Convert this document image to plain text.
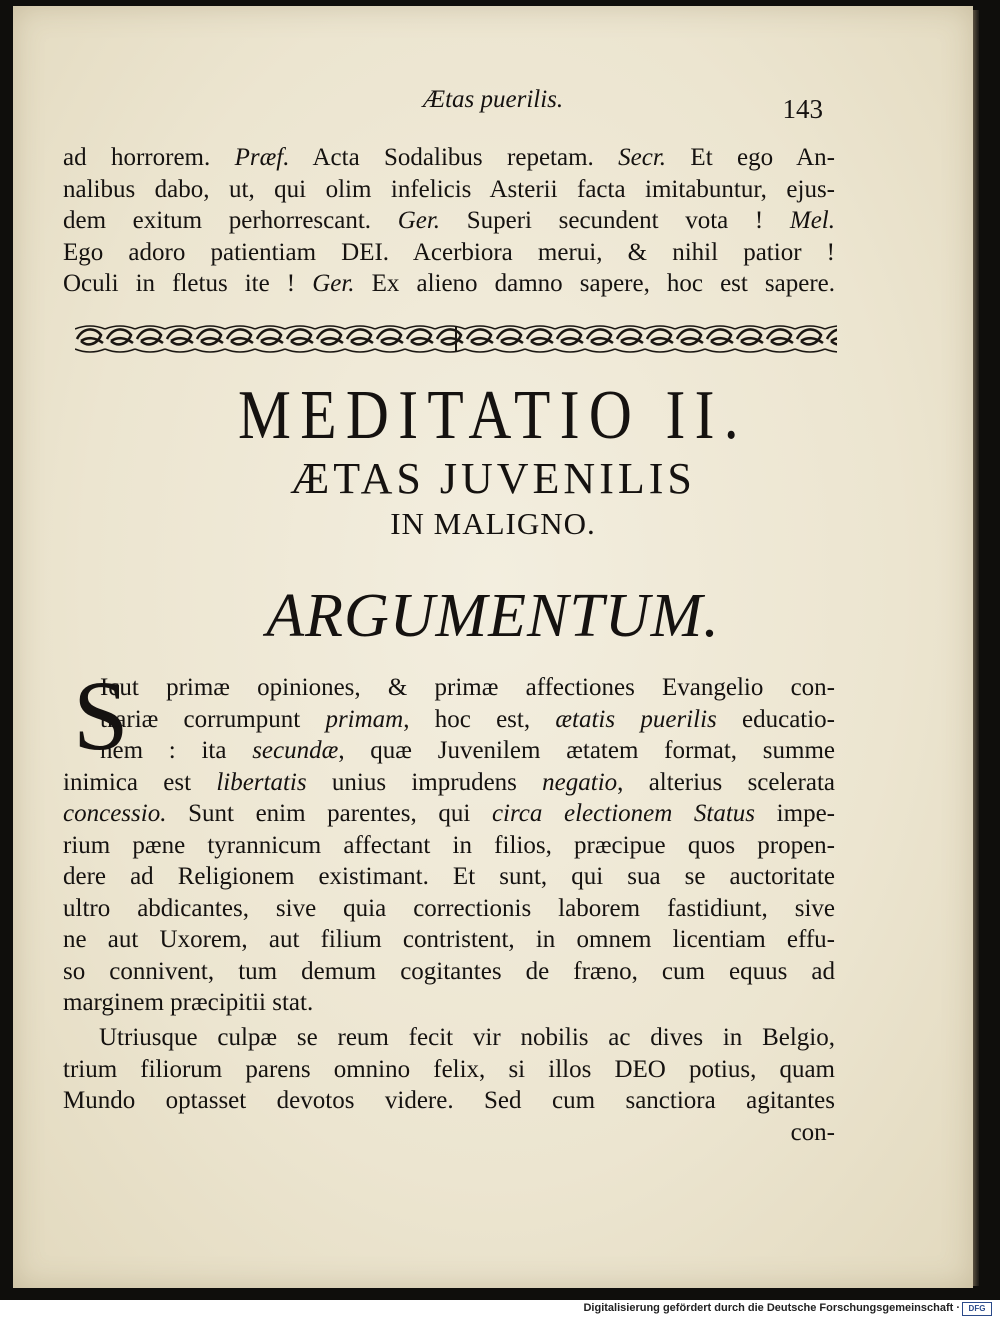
Ætas puerilis.	143
ad horrorem. Præf. Acta Sodalibus repetam. Secr. Et ego An-
nalibus dabo, ut, qui olim infelicis Asterii facta imitabuntur, ejus-
dem exitum perhorrescant. Ger. Superi secundent vota ! Mel.
Ego adoro patientiam DEI. Acerbiora merui, & nihil patior !
Oculi in fletus ite ! Ger. Ex alieno damno sapere, hoc est sapere.
MEDITATIO II.
ÆTAS JUVENILIS
IN MALIGNO.
ARGUMENTUM.
S
Icut primæ opiniones, & primæ affectiones Evangelio con-
trariæ corrumpunt primam, hoc est, ætatis puerilis educatio-
nem : ita secundæ, quæ Juvenilem ætatem format, summe
inimica est libertatis unius imprudens negatio, alterius scelerata
concessio. Sunt enim parentes, qui circa electionem Status impe-
rium pæne tyrannicum affectant in filios, præcipue quos propen-
dere ad Religionem existimant. Et sunt, qui sua se auctoritate
ultro abdicantes, sive quia correctionis laborem fastidiunt, sive
ne aut Uxorem, aut filium contristent, in omnem licentiam effu-
so connivent, tum demum cogitantes de fræno, cum equus ad
marginem præcipitii stat.
Utriusque culpæ se reum fecit vir nobilis ac dives in Belgio,
trium filiorum parens omnino felix, si illos DEO potius, quam
Mundo optasset devotos videre. Sed cum sanctiora agitantes
con-
Digitalisierung gefördert durch die Deutsche Forschungsgemeinschaft ·	DFG
